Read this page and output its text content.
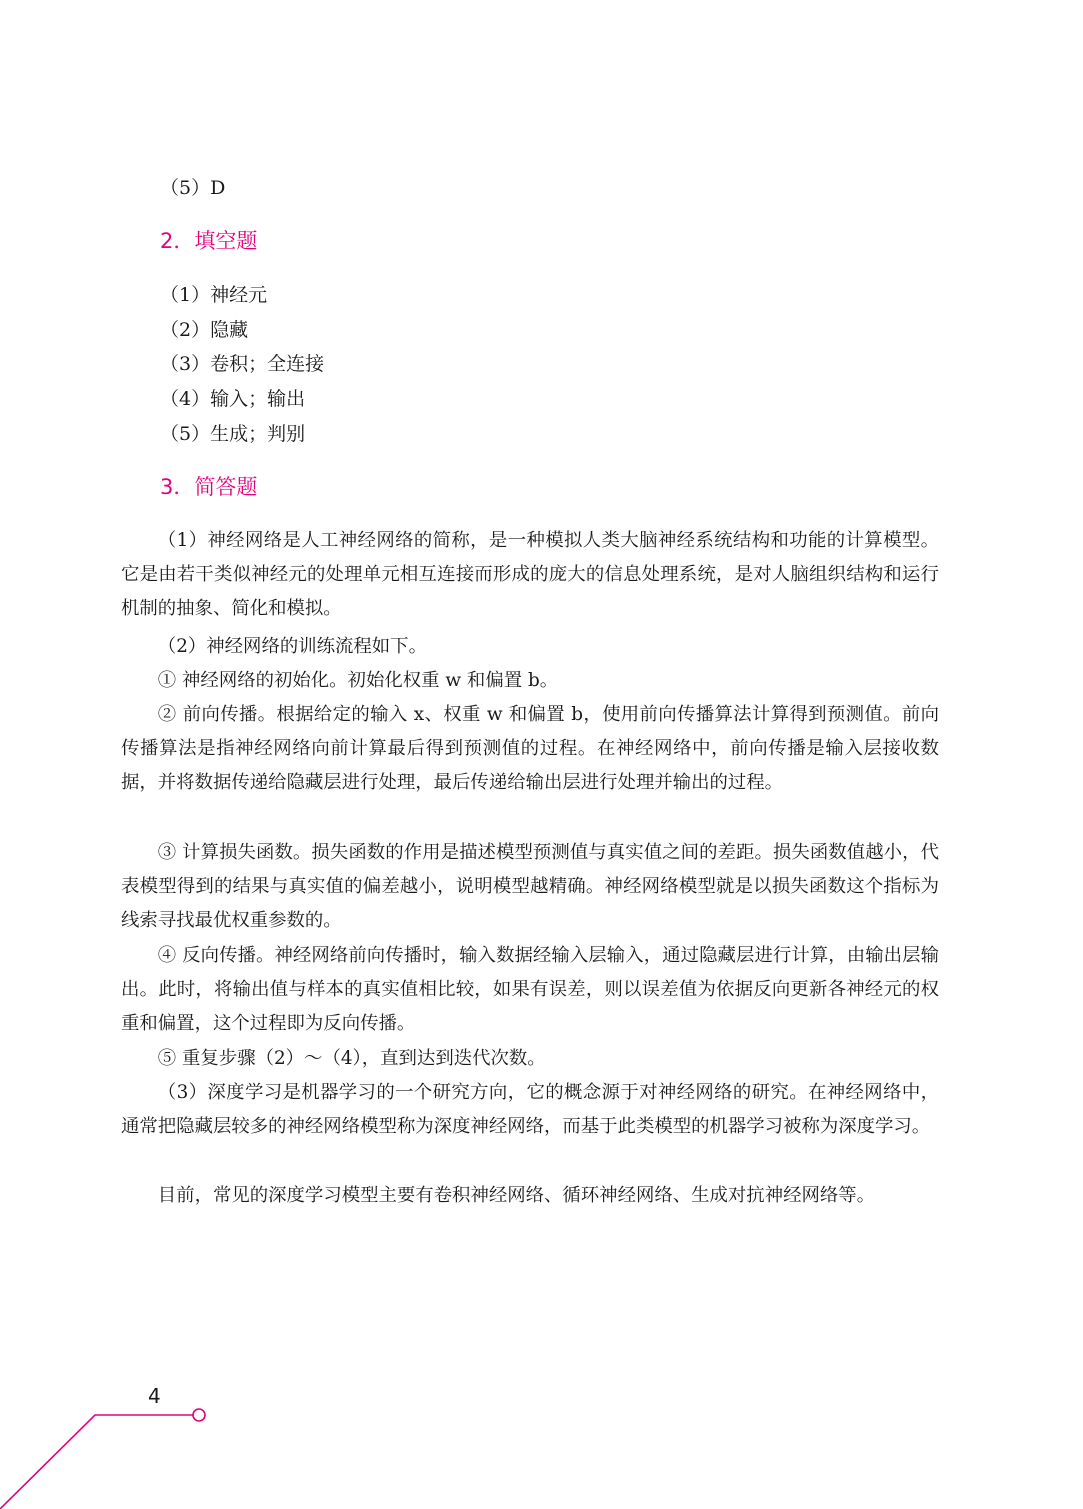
（5）D
2．填空题
（1）神经元
（2）隐藏
（3）卷积；全连接
（4）输入；输出
（5）生成；判别
3．简答题
（1）神经网络是人工神经网络的简称，是一种模拟人类大脑神经系统结构和功能的计算模型。它是由若干类似神经元的处理单元相互连接而形成的庞大的信息处理系统，是对人脑组织结构和运行机制的抽象、简化和模拟。
（2）神经网络的训练流程如下。
① 神经网络的初始化。初始化权重 w 和偏置 b。
② 前向传播。根据给定的输入 x、权重 w 和偏置 b，使用前向传播算法计算得到预测值。前向传播算法是指神经网络向前计算最后得到预测值的过程。在神经网络中，前向传播是输入层接收数据，并将数据传递给隐藏层进行处理，最后传递给输出层进行处理并输出的过程。
③ 计算损失函数。损失函数的作用是描述模型预测值与真实值之间的差距。损失函数值越小，代表模型得到的结果与真实值的偏差越小，说明模型越精确。神经网络模型就是以损失函数这个指标为线索寻找最优权重参数的。
④ 反向传播。神经网络前向传播时，输入数据经输入层输入，通过隐藏层进行计算，由输出层输出。此时，将输出值与样本的真实值相比较，如果有误差，则以误差值为依据反向更新各神经元的权重和偏置，这个过程即为反向传播。
⑤ 重复步骤（2）～（4），直到达到迭代次数。
（3）深度学习是机器学习的一个研究方向，它的概念源于对神经网络的研究。在神经网络中，通常把隐藏层较多的神经网络模型称为深度神经网络，而基于此类模型的机器学习被称为深度学习。
目前，常见的深度学习模型主要有卷积神经网络、循环神经网络、生成对抗神经网络等。
4
